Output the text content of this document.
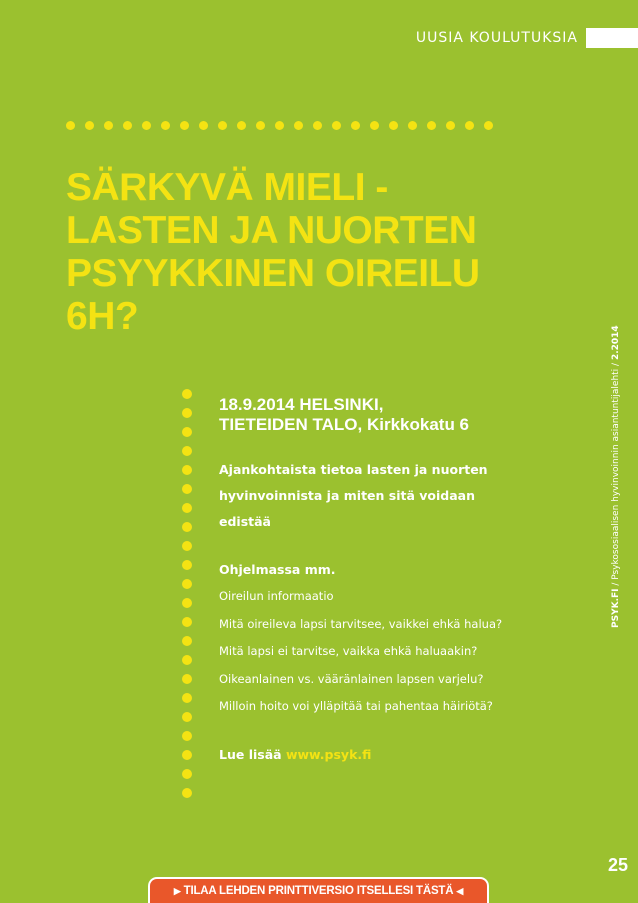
UUSIA KOULUTUKSIA
SÄRKYVÄ MIELI -
LASTEN JA NUORTEN
PSYYKKINEN OIREILU
6H?

18.9.2014 HELSINKI,
TIETEIDEN TALO, Kirkkokatu 6

Ajankohtaista tietoa lasten ja nuorten hyvinvoinnista ja miten sitä voidaan edistää

Ohjelmassa mm.

Oireilun informaatio
Mitä oireileva lapsi tarvitsee, vaikkei ehkä halua?
Mitä lapsi ei tarvitse, vaikka ehkä haluaakin?
Oikeanlainen vs. vääränlainen lapsen varjelu?
Milloin hoito voi ylläpitää tai pahentaa häiriötä?

Lue lisää www.psyk.fi

PSYK.FI / Psykososiaalisen hyvinvoinnin asiantuntijalehti / 2.2014
25
▶ TILAA LEHDEN PRINTTIVERSIO ITSELLESI TÄSTÄ ◀
